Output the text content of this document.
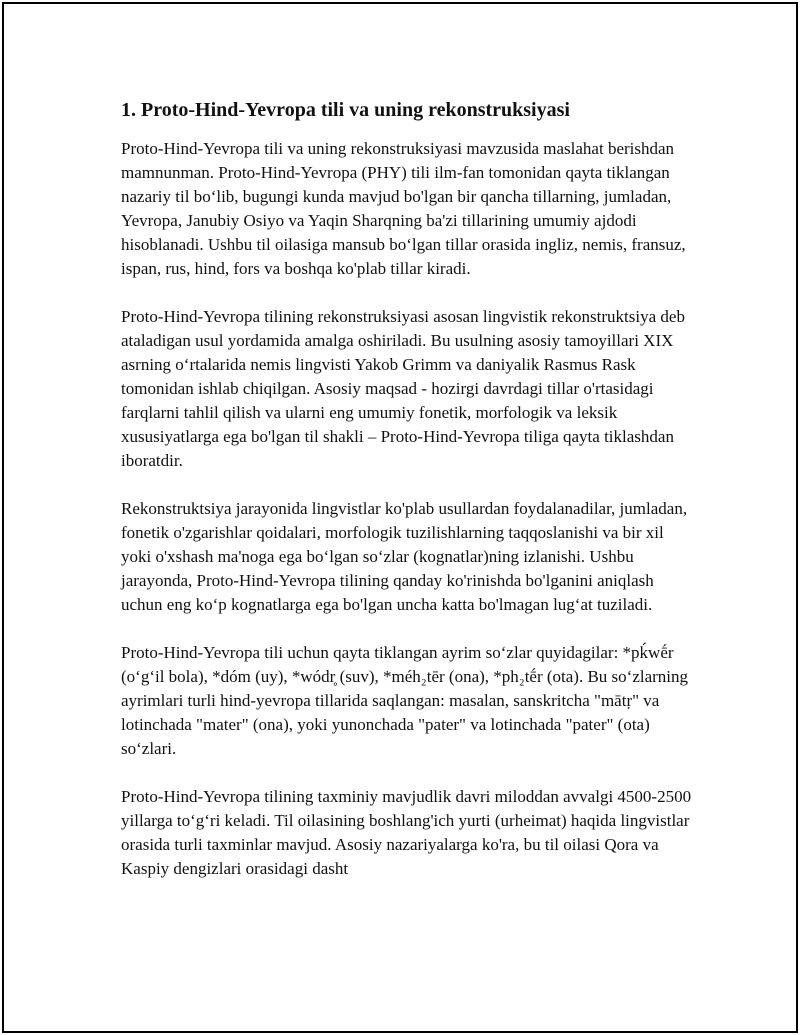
1. Proto-Hind-Yevropa tili va uning rekonstruksiyasi

Proto-Hind-Yevropa tili va uning rekonstruksiyasi mavzusida maslahat berishdan mamnunman. Proto-Hind-Yevropa (PHY) tili ilm-fan tomonidan qayta tiklangan nazariy til bo‘lib, bugungi kunda mavjud bo'lgan bir qancha tillarning, jumladan, Yevropa, Janubiy Osiyo va Yaqin Sharqning ba'zi tillarining umumiy ajdodi hisoblanadi. Ushbu til oilasiga mansub bo‘lgan tillar orasida ingliz, nemis, fransuz, ispan, rus, hind, fors va boshqa ko'plab tillar kiradi.

Proto-Hind-Yevropa tilining rekonstruksiyasi asosan lingvistik rekonstruktsiya deb ataladigan usul yordamida amalga oshiriladi. Bu usulning asosiy tamoyillari XIX asrning o‘rtalarida nemis lingvisti Yakob Grimm va daniyalik Rasmus Rask tomonidan ishlab chiqilgan. Asosiy maqsad - hozirgi davrdagi tillar o'rtasidagi farqlarni tahlil qilish va ularni eng umumiy fonetik, morfologik va leksik xususiyatlarga ega bo'lgan til shakli – Proto-Hind-Yevropa tiliga qayta tiklashdan iboratdir.

Rekonstruktsiya jarayonida lingvistlar ko'plab usullardan foydalanadilar, jumladan, fonetik o'zgarishlar qoidalari, morfologik tuzilishlarning taqqoslanishi va bir xil yoki o'xshash ma'noga ega bo‘lgan so‘zlar (kognatlar)ning izlanishi. Ushbu jarayonda, Proto-Hind-Yevropa tilining qanday ko'rinishda bo'lganini aniqlash uchun eng ko‘p kognatlarga ega bo'lgan uncha katta bo'lmagan lug‘at tuziladi.

Proto-Hind-Yevropa tili uchun qayta tiklangan ayrim so‘zlar quyidagilar: *pḱwḗr (o‘g‘il bola), *dóm (uy), *wódr̥ (suv), *méh₂tēr (ona), *ph₂tḗr (ota). Bu so‘zlarning ayrimlari turli hind-yevropa tillarida saqlangan: masalan, sanskritcha "mātṛ" va lotinchada "mater" (ona), yoki yunonchada "pater" va lotinchada "pater" (ota) so‘zlari.

Proto-Hind-Yevropa tilining taxminiy mavjudlik davri miloddan avvalgi 4500-2500 yillarga to‘g‘ri keladi. Til oilasining boshlang'ich yurti (urheimat) haqida lingvistlar orasida turli taxminlar mavjud. Asosiy nazariyalarga ko'ra, bu til oilasi Qora va Kaspiy dengizlari orasidagi dasht
